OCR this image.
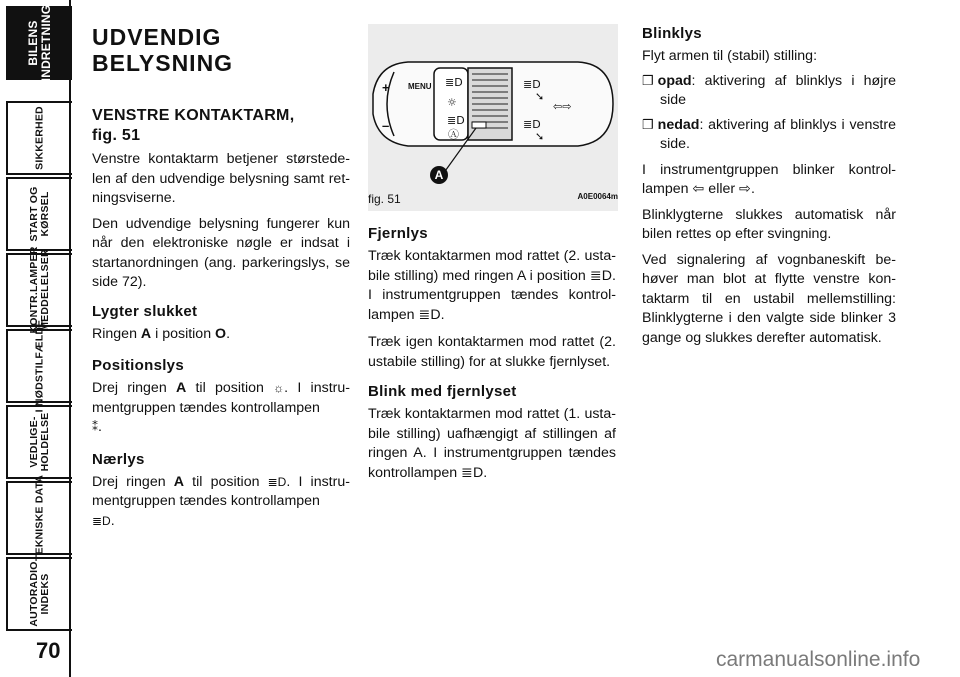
BILENS
INDRETNING
SIKKERHED
START OG
KØRSEL
KONTR.LAMPER
MEDDELELSER
I NØDSTILFÆLDE
VEDLIGE-
HOLDELSE
TEKNISKE DATA
AUTORADIO
INDEKS
70
UDVENDIG
BELYSNING
VENSTRE KONTAKTARM,
fig. 51

Venstre kontaktarm betjener størstedelen af den udvendige belysning samt retningsviserne.

Den udvendige belysning fungerer kun når den elektroniske nøgle er indsat i startanordningen (ang. parkeringslys, se side 72).

Lygter slukket

Ringen A i position O.

Positionslys

Drej ringen A til position ☼. I instrumentgruppen tændes kontrollampen
⁑.

Nærlys

Drej ringen A til position ≣D. I instrumentgruppen tændes kontrollampen
≣D.

≣D
☼
≣D
Ⓐ
≣D
➘
⇦⇨
≣D
➘
MENU
+
–
A
fig. 51	A0E0064m
Fjernlys

Træk kontaktarmen mod rattet (2. ustabile stilling) med ringen A i position ≣D. I instrumentgruppen tændes kontrollampen ≣D.

Træk igen kontaktarmen mod rattet (2. ustabile stilling) for at slukke fjernlyset.

Blink med fjernlyset

Træk kontaktarmen mod rattet (1. ustabile stilling) uafhængigt af stillingen af ringen A. I instrumentgruppen tændes kontrollampen ≣D.

Blinklys

Flyt armen til (stabil) stilling:

❒ opad: aktivering af blinklys i højre side

❒ nedad: aktivering af blinklys i venstre side.

I instrumentgruppen blinker kontrollampen ⇦ eller ⇨.

Blinklygterne slukkes automatisk når bilen rettes op efter svingning.

Ved signalering af vognbaneskift behøver man blot at flytte venstre kontaktarm til en ustabil mellemstilling: Blinklygterne i den valgte side blinker 3 gange og slukkes derefter automatisk.

carmanualsonline.info
